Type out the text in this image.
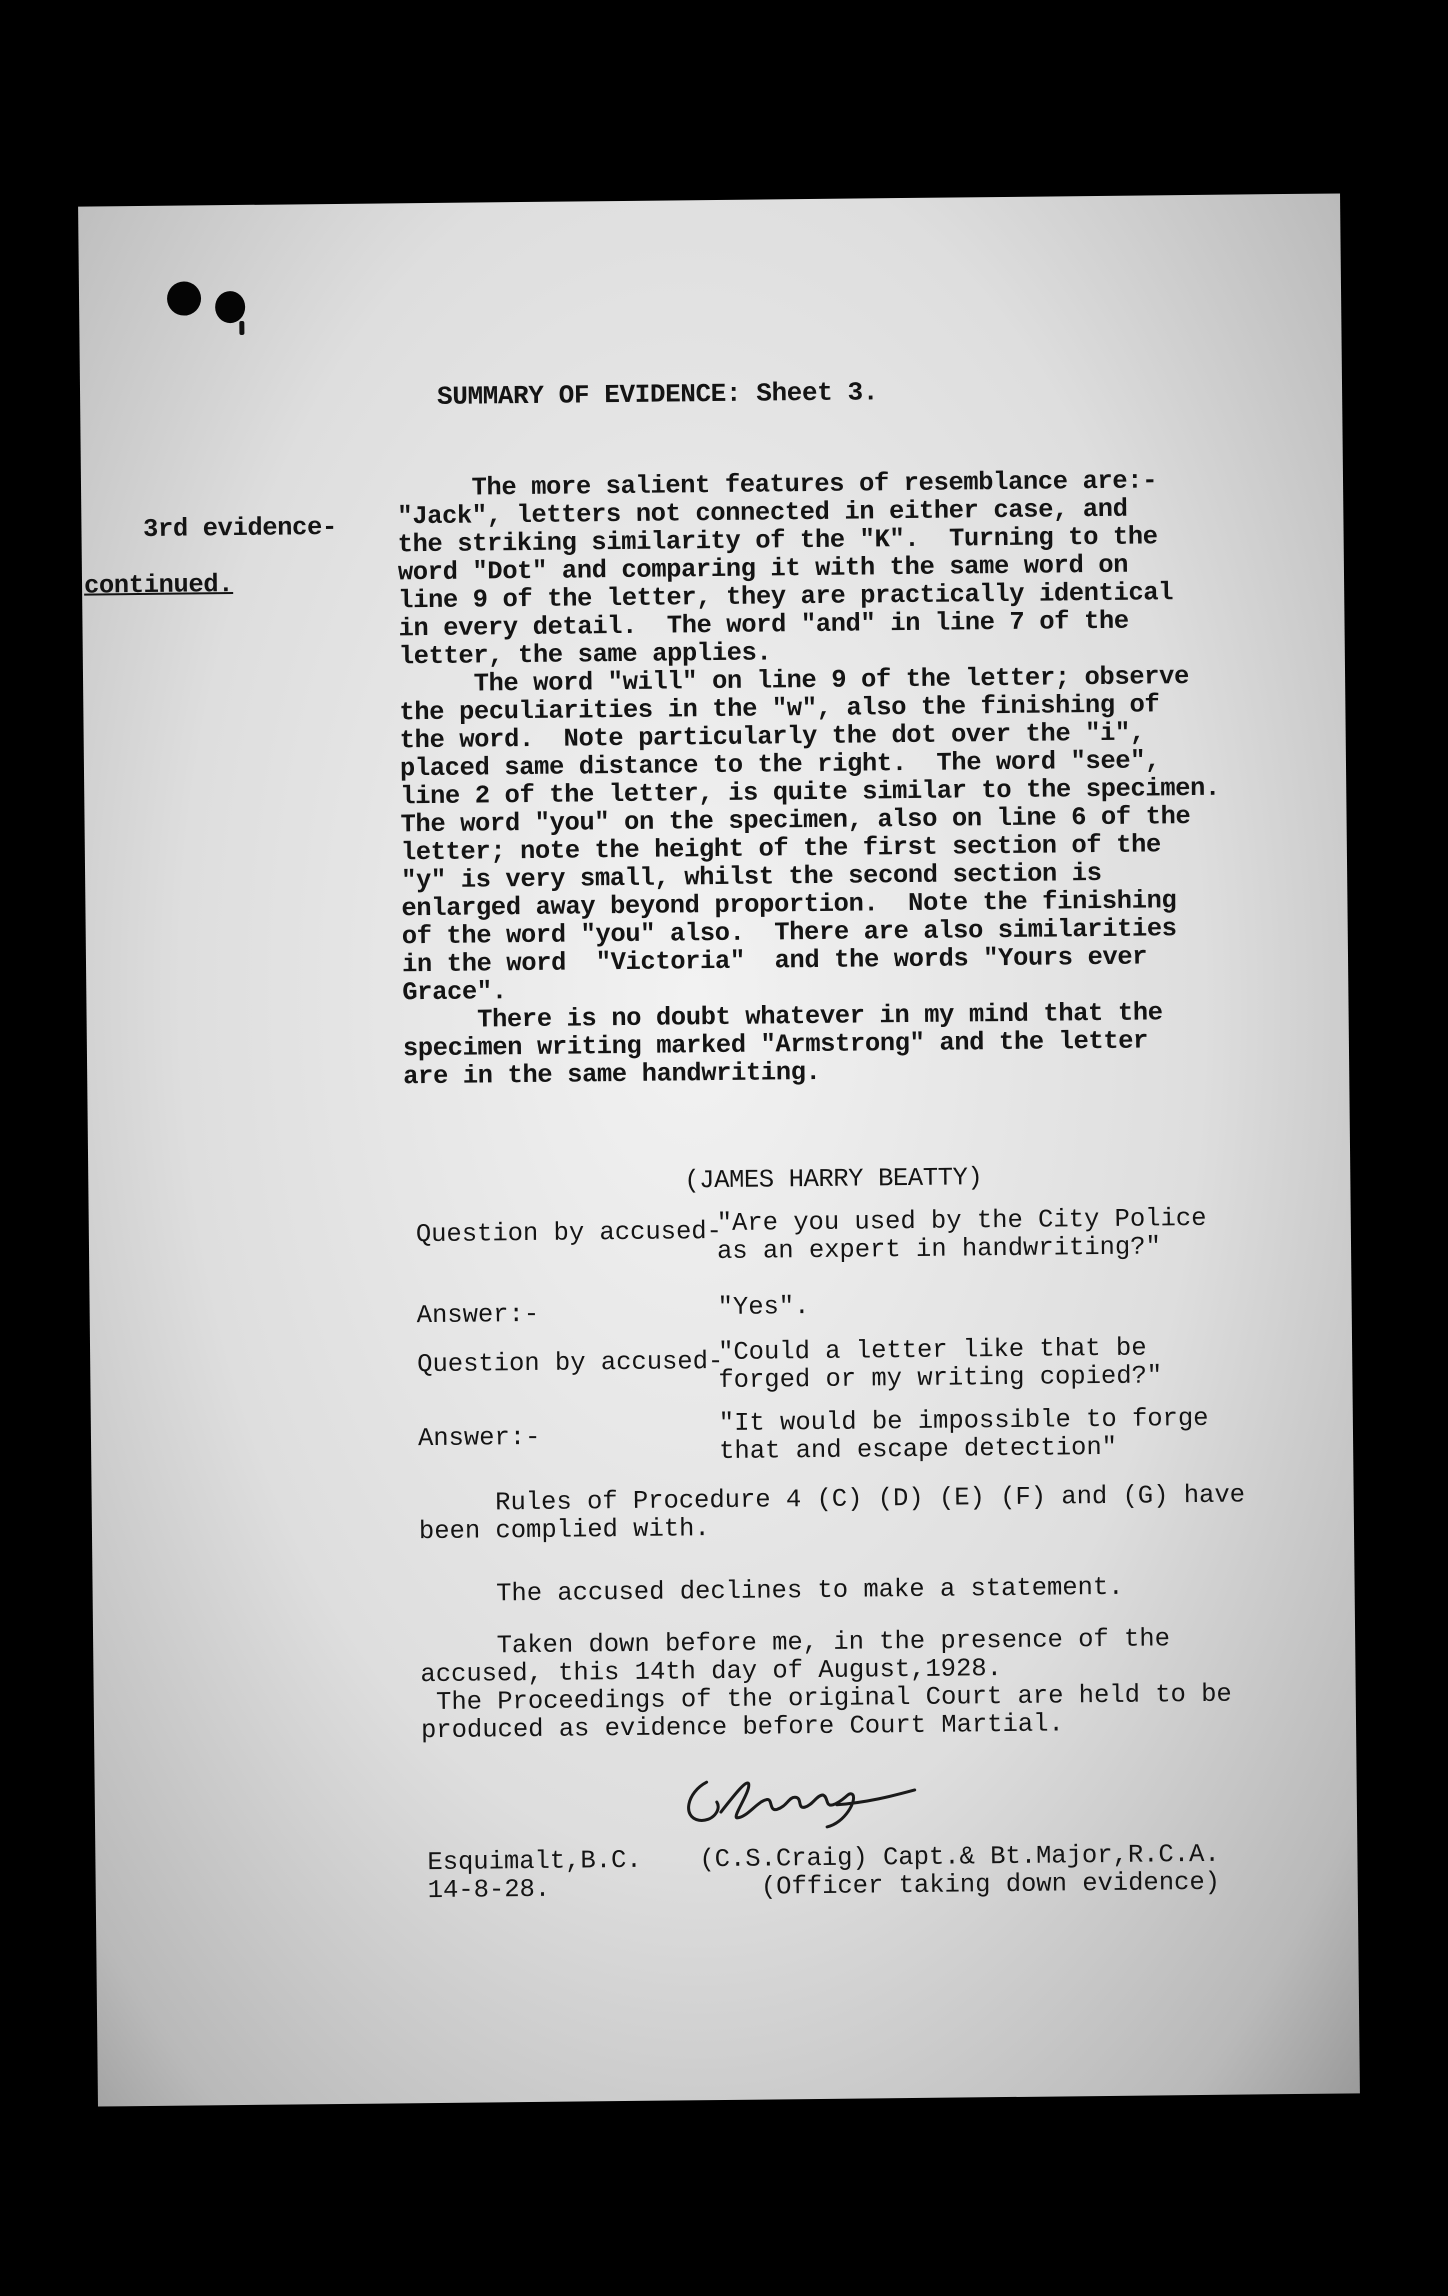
SUMMARY OF EVIDENCE: Sheet 3.

3rd evidence-

continued.

The more salient features of resemblance are:-
"Jack", letters not connected in either case, and
the striking similarity of the "K".  Turning to the
word "Dot" and comparing it with the same word on
line 9 of the letter, they are practically identical
in every detail.  The word "and" in line 7 of the
letter, the same applies.
The word "will" on line 9 of the letter; observe
the peculiarities in the "w", also the finishing of
the word.  Note particularly the dot over the "i",
placed same distance to the right.  The word "see",
line 2 of the letter, is quite similar to the specimen.
The word "you" on the specimen, also on line 6 of the
letter; note the height of the first section of the
"y" is very small, whilst the second section is
enlarged away beyond proportion.  Note the finishing
of the word "you" also.  There are also similarities
in the word  "Victoria"  and the words "Yours ever
Grace".
There is no doubt whatever in my mind that the
specimen writing marked "Armstrong" and the letter
are in the same handwriting.
(JAMES HARRY BEATTY)
Question by accused-
"Are you used by the City Police
as an expert in handwriting?"
Answer:-	"Yes".
Question by accused-
"Could a letter like that be
forged or my writing copied?"
Answer:-
"It would be impossible to forge
that and escape detection"
Rules of Procedure 4 (C) (D) (E) (F) and (G) have
been complied with.
The accused declines to make a statement.
Taken down before me, in the presence of the
accused, this 14th day of August,1928.
The Proceedings of the original Court are held to be
produced as evidence before Court Martial.
Esquimalt,B.C.
14-8-28.
(C.S.Craig) Capt.& Bt.Major,R.C.A.
(Officer taking down evidence)
